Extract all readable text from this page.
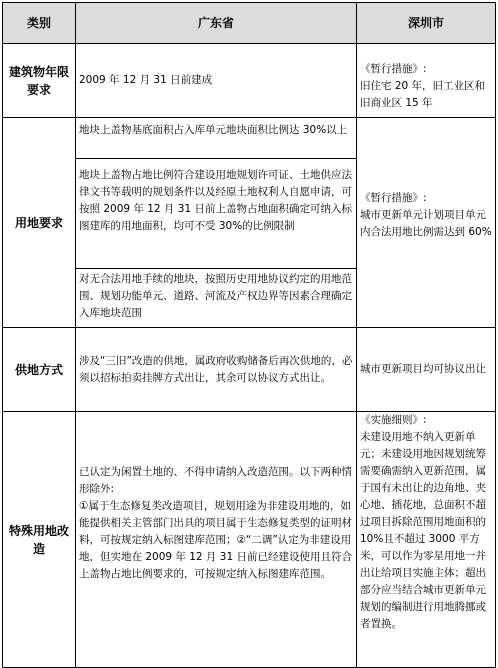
类别	广东省	深圳市
建筑物年限要求
2009 年 12 月 31 日前建成
《暂行措施》:
旧住宅 20 年，旧工业区和旧商业区 15 年
用地要求
地块上盖物基底面积占入库单元地块面积比例达 30%以上
地块上盖物占地比例符合建设用地规划许可证、土地供应法律文书等载明的规划条件以及经原土地权利人自愿申请，可按照 2009 年 12 月 31 日前上盖物占地面积确定可纳入标图建库的用地面积，均可不受 30%的比例限制
对无合法用地手续的地块，按照历史用地协议约定的用地范围、规划功能单元、道路、河流及产权边界等因素合理确定入库地块范围
《暂行措施》:
城市更新单元计划项目单元内合法用地比例需达到 60%
供地方式
涉及“三旧”改造的供地，属政府收购储备后再次供地的，必须以招标拍卖挂牌方式出让，其余可以协议方式出让。
城市更新项目均可协议出让
特殊用地改造
已认定为闲置土地的、不得申请纳入改造范围。以下两种情形除外:
①属于生态修复类改造项目，规划用途为非建设用地的，如能提供相关主管部门出具的项目属于生态修复类型的证明材料，可按规定纳入标图建库范围；②“二调”认定为非建设用地，但实地在 2009 年 12 月 31 日前已经建设使用且符合上盖物占地比例要求的，可按规定纳入标图建库范围。
《实施细则》:
未建设用地不纳入更新单元；未建设用地因规划统筹需要确需纳入更新范围，属于国有未出让的边角地、夹心地、插花地，总面积不超过项目拆除范围用地面积的 10%且不超过 3000 平方米，可以作为零星用地一并出让给项目实施主体；超出部分应当结合城市更新单元规划的编制进行用地腾挪或者置换。
